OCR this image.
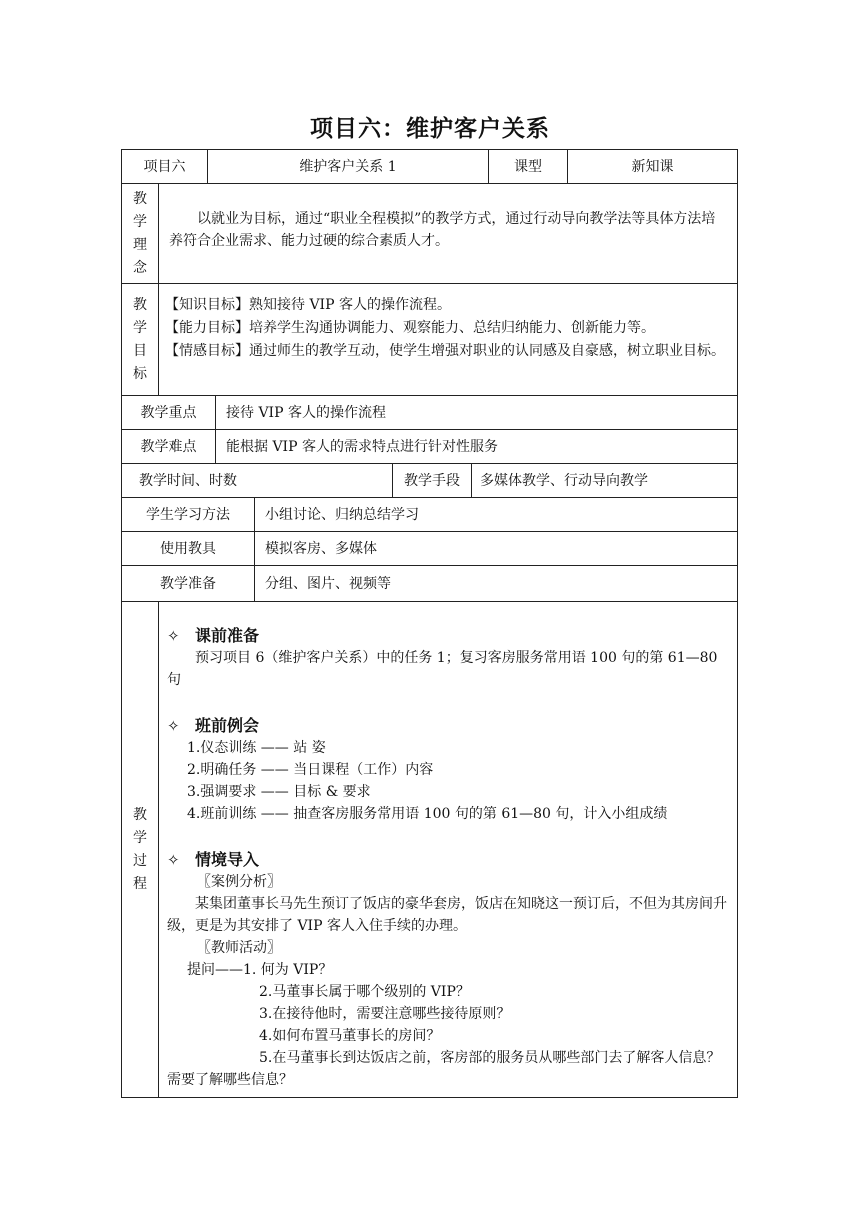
项目六：维护客户关系
项目六	维护客户关系 1	课型	新知课
教
学
理
念
以就业为目标，通过“职业全程模拟”的教学方式，通过行动导向教学法等具体方法培养符合企业需求、能力过硬的综合素质人才。
教
学
目
标
【知识目标】熟知接待 VIP 客人的操作流程。
【能力目标】培养学生沟通协调能力、观察能力、总结归纳能力、创新能力等。
【情感目标】通过师生的教学互动，使学生增强对职业的认同感及自豪感，树立职业目标。
教学重点	接待 VIP 客人的操作流程
教学难点	能根据 VIP 客人的需求特点进行针对性服务
教学时间、时数	教学手段	多媒体教学、行动导向教学
学生学习方法	小组讨论、归纳总结学习
使用教具	模拟客房、多媒体
教学准备	分组、图片、视频等
教
学
过
程
✧ 课前准备

预习项目 6（维护客户关系）中的任务 1；复习客房服务常用语 100 句的第 61—80 句

✧ 班前例会

1.仪态训练 —— 站 姿

2.明确任务 —— 当日课程（工作）内容

3.强调要求 —— 目标 & 要求

4.班前训练 —— 抽查客房服务常用语 100 句的第 61—80 句，计入小组成绩

✧ 情境导入

〖案例分析〗

某集团董事长马先生预订了饭店的豪华套房，饭店在知晓这一预订后，不但为其房间升级，更是为其安排了 VIP 客人入住手续的办理。

〖教师活动〗

提问——1. 何为 VIP？

2.马董事长属于哪个级别的 VIP？

3.在接待他时，需要注意哪些接待原则？

4.如何布置马董事长的房间？

5.在马董事长到达饭店之前，客房部的服务员从哪些部门去了解客人信息？需要了解哪些信息？
